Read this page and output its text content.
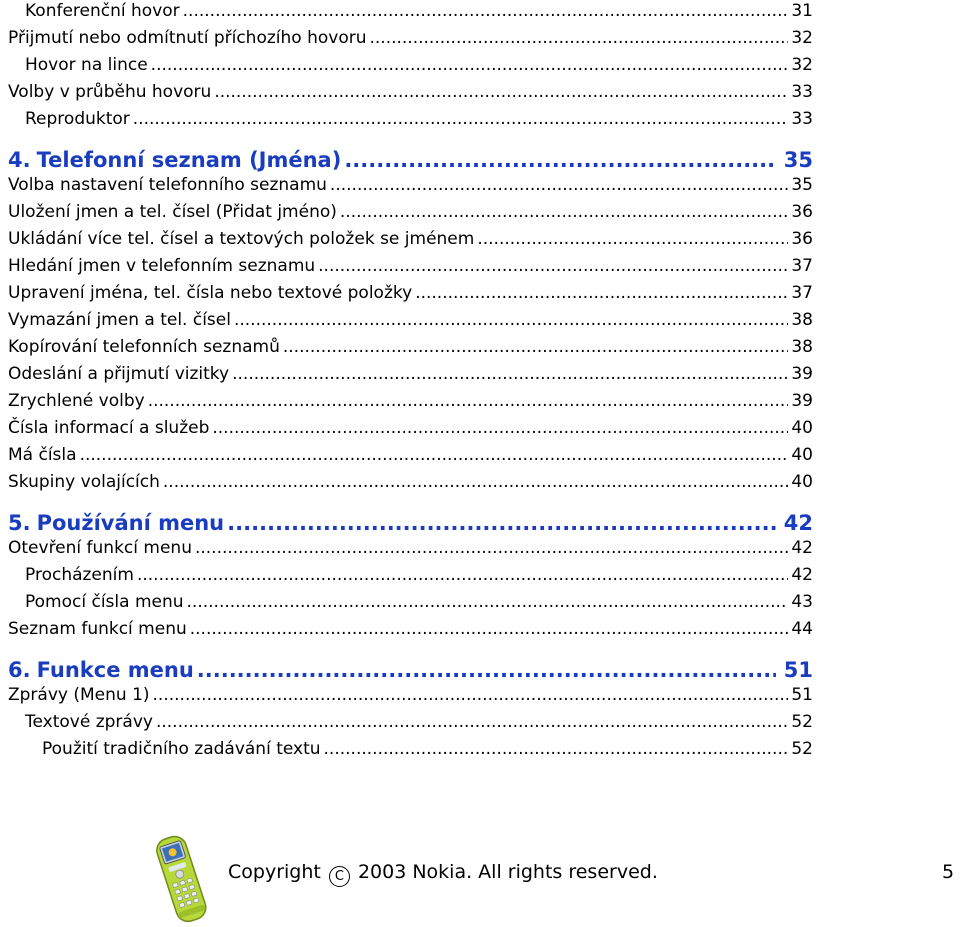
Konferenční hovor .....	31
Přijmutí nebo odmítnutí příchozího hovoru .....	32
Hovor na lince .....	32
Volby v průběhu hovoru .....	33
Reproduktor .....	33
4. Telefonní seznam (Jména) .....	35
Volba nastavení telefonního seznamu .....	35
Uložení jmen a tel. čísel (Přidat jméno) .....	36
Ukládání více tel. čísel a textových položek se jménem .....	36
Hledání jmen v telefonním seznamu .....	37
Upravení jména, tel. čísla nebo textové položky .....	37
Vymazání jmen a tel. čísel .....	38
Kopírování telefonních seznamů .....	38
Odeslání a přijmutí vizitky .....	39
Zrychlené volby .....	39
Čísla informací a služeb .....	40
Má čísla .....	40
Skupiny volajících .....	40
5. Používání menu .....	42
Otevření funkcí menu .....	42
Procházením .....	42
Pomocí čísla menu .....	43
Seznam funkcí menu .....	44
6. Funkce menu .....	51
Zprávy (Menu 1) .....	51
Textové zprávy .....	52
Použití tradičního zadávání textu .....	52
Copyright C 2003 Nokia. All rights reserved.	5
